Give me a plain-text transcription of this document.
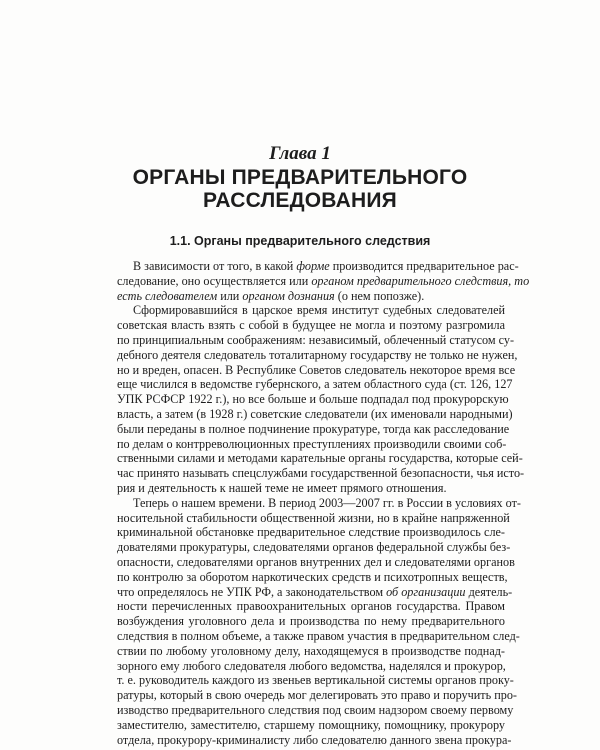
Глава 1
ОРГАНЫ ПРЕДВАРИТЕЛЬНОГО
РАССЛЕДОВАНИЯ
1.1. Органы предварительного следствия
В зависимости от того, в какой форме производится предварительное рас-
следование, оно осуществляется или органом предварительного следствия, то
есть следователем или органом дознания (о нем попозже).
Сформировавшийся в царское время институт судебных следователей
советская власть взять с собой в будущее не могла и поэтому разгромила
по принципиальным соображениям: независимый, облеченный статусом су-
дебного деятеля следователь тоталитарному государству не только не нужен,
но и вреден, опасен. В Республике Советов следователь некоторое время все
еще числился в ведомстве губернского, а затем областного суда (ст. 126, 127
УПК РСФСР 1922 г.), но все больше и больше подпадал под прокурорскую
власть, а затем (в 1928 г.) советские следователи (их именовали народными)
были переданы в полное подчинение прокуратуре, тогда как расследование
по делам о контрреволюционных преступлениях производили своими соб-
ственными силами и методами карательные органы государства, которые сей-
час принято называть спецслужбами государственной безопасности, чья исто-
рия и деятельность к нашей теме не имеет прямого отношения.
Теперь о нашем времени. В период 2003—2007 гг. в России в условиях от-
носительной стабильности общественной жизни, но в крайне напряженной
криминальной обстановке предварительное следствие производилось сле-
дователями прокуратуры, следователями органов федеральной службы без-
опасности, следователями органов внутренних дел и следователями органов
по контролю за оборотом наркотических средств и психотропных веществ,
что определялось не УПК РФ, а законодательством об организации деятель-
ности перечисленных правоохранительных органов государства. Правом
возбуждения уголовного дела и производства по нему предварительного
следствия в полном объеме, а также правом участия в предварительном след-
ствии по любому уголовному делу, находящемуся в производстве поднад-
зорного ему любого следователя любого ведомства, наделялся и прокурор,
т. е. руководитель каждого из звеньев вертикальной системы органов проку-
ратуры, который в свою очередь мог делегировать это право и поручить про-
изводство предварительного следствия под своим надзором своему первому
заместителю, заместителю, старшему помощнику, помощнику, прокурору
отдела, прокурору-криминалисту либо следователю данного звена прокура-
